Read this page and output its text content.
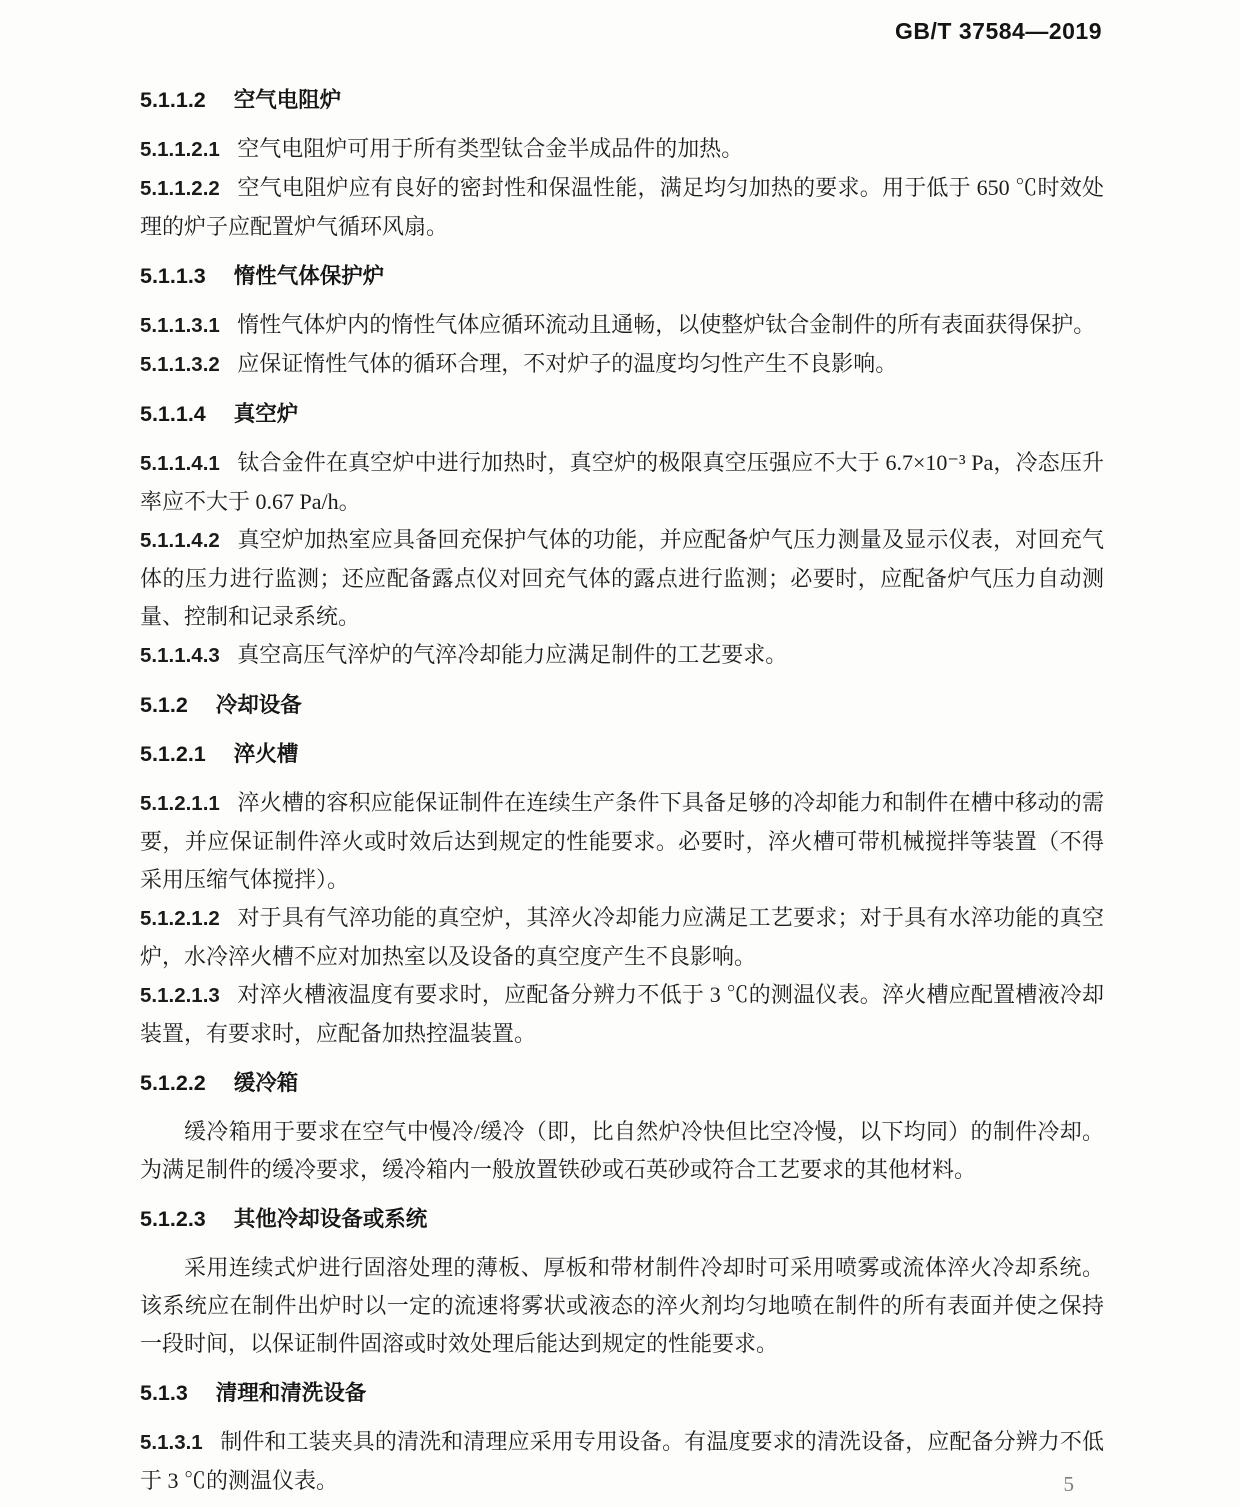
GB/T 37584—2019
5.1.1.2 空气电阻炉
5.1.1.2.1 空气电阻炉可用于所有类型钛合金半成品件的加热。
5.1.1.2.2 空气电阻炉应有良好的密封性和保温性能，满足均匀加热的要求。用于低于 650 ℃时效处理的炉子应配置炉气循环风扇。
5.1.1.3 惰性气体保护炉
5.1.1.3.1 惰性气体炉内的惰性气体应循环流动且通畅，以使整炉钛合金制件的所有表面获得保护。
5.1.1.3.2 应保证惰性气体的循环合理，不对炉子的温度均匀性产生不良影响。
5.1.1.4 真空炉
5.1.1.4.1 钛合金件在真空炉中进行加热时，真空炉的极限真空压强应不大于 6.7×10⁻³ Pa，冷态压升率应不大于 0.67 Pa/h。
5.1.1.4.2 真空炉加热室应具备回充保护气体的功能，并应配备炉气压力测量及显示仪表，对回充气体的压力进行监测；还应配备露点仪对回充气体的露点进行监测；必要时，应配备炉气压力自动测量、控制和记录系统。
5.1.1.4.3 真空高压气淬炉的气淬冷却能力应满足制件的工艺要求。
5.1.2 冷却设备
5.1.2.1 淬火槽
5.1.2.1.1 淬火槽的容积应能保证制件在连续生产条件下具备足够的冷却能力和制件在槽中移动的需要，并应保证制件淬火或时效后达到规定的性能要求。必要时，淬火槽可带机械搅拌等装置（不得采用压缩气体搅拌）。
5.1.2.1.2 对于具有气淬功能的真空炉，其淬火冷却能力应满足工艺要求；对于具有水淬功能的真空炉，水冷淬火槽不应对加热室以及设备的真空度产生不良影响。
5.1.2.1.3 对淬火槽液温度有要求时，应配备分辨力不低于 3 ℃的测温仪表。淬火槽应配置槽液冷却装置，有要求时，应配备加热控温装置。
5.1.2.2 缓冷箱
缓冷箱用于要求在空气中慢冷/缓冷（即，比自然炉冷快但比空冷慢，以下均同）的制件冷却。为满足制件的缓冷要求，缓冷箱内一般放置铁砂或石英砂或符合工艺要求的其他材料。
5.1.2.3 其他冷却设备或系统
采用连续式炉进行固溶处理的薄板、厚板和带材制件冷却时可采用喷雾或流体淬火冷却系统。该系统应在制件出炉时以一定的流速将雾状或液态的淬火剂均匀地喷在制件的所有表面并使之保持一段时间，以保证制件固溶或时效处理后能达到规定的性能要求。
5.1.3 清理和清洗设备
5.1.3.1 制件和工装夹具的清洗和清理应采用专用设备。有温度要求的清洗设备，应配备分辨力不低于 3 ℃的测温仪表。	5
